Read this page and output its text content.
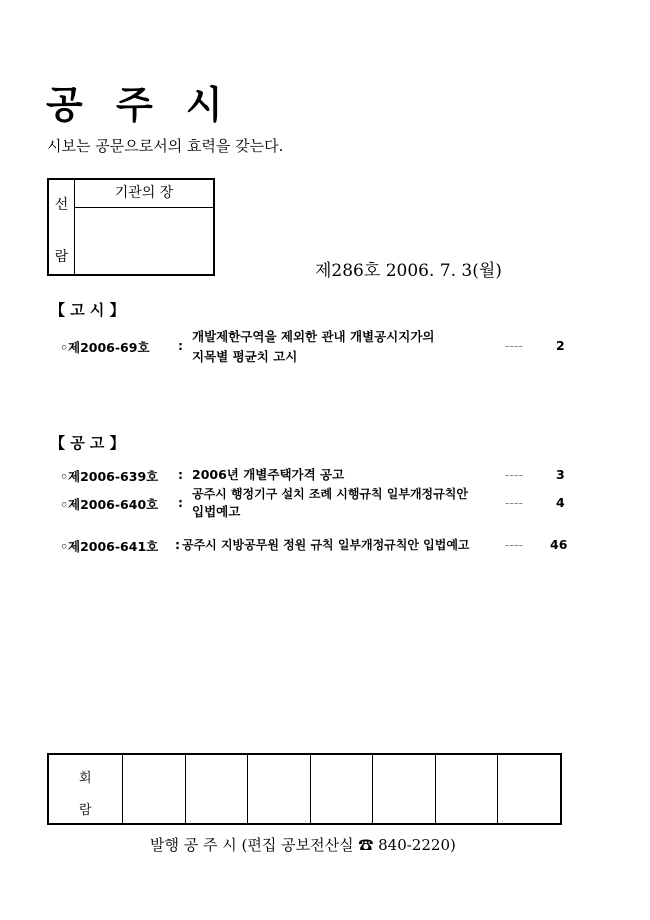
공 주 시
시보는 공문으로서의 효력을 갖는다.
선
람
기관의 장
제286호 2006. 7. 3(월)
【 고 시 】
◦제2006-69호 :
개발제한구역을 제외한 관내 개별공시지가의
지목별 평균치 고시
----	2
【 공 고 】
◦제2006-639호 : 2006년 개별주택가격 공고	----	3
◦제2006-640호 :
공주시 행정기구 설치 조례 시행규칙 일부개정규칙안
입법예고
----	4
◦제2006-641호 : 공주시 지방공무원 정원 규칙 일부개정규칙안 입법예고	---- 46
회
람
발행 공 주 시 (편집 공보전산실 ☎ 840-2220)
